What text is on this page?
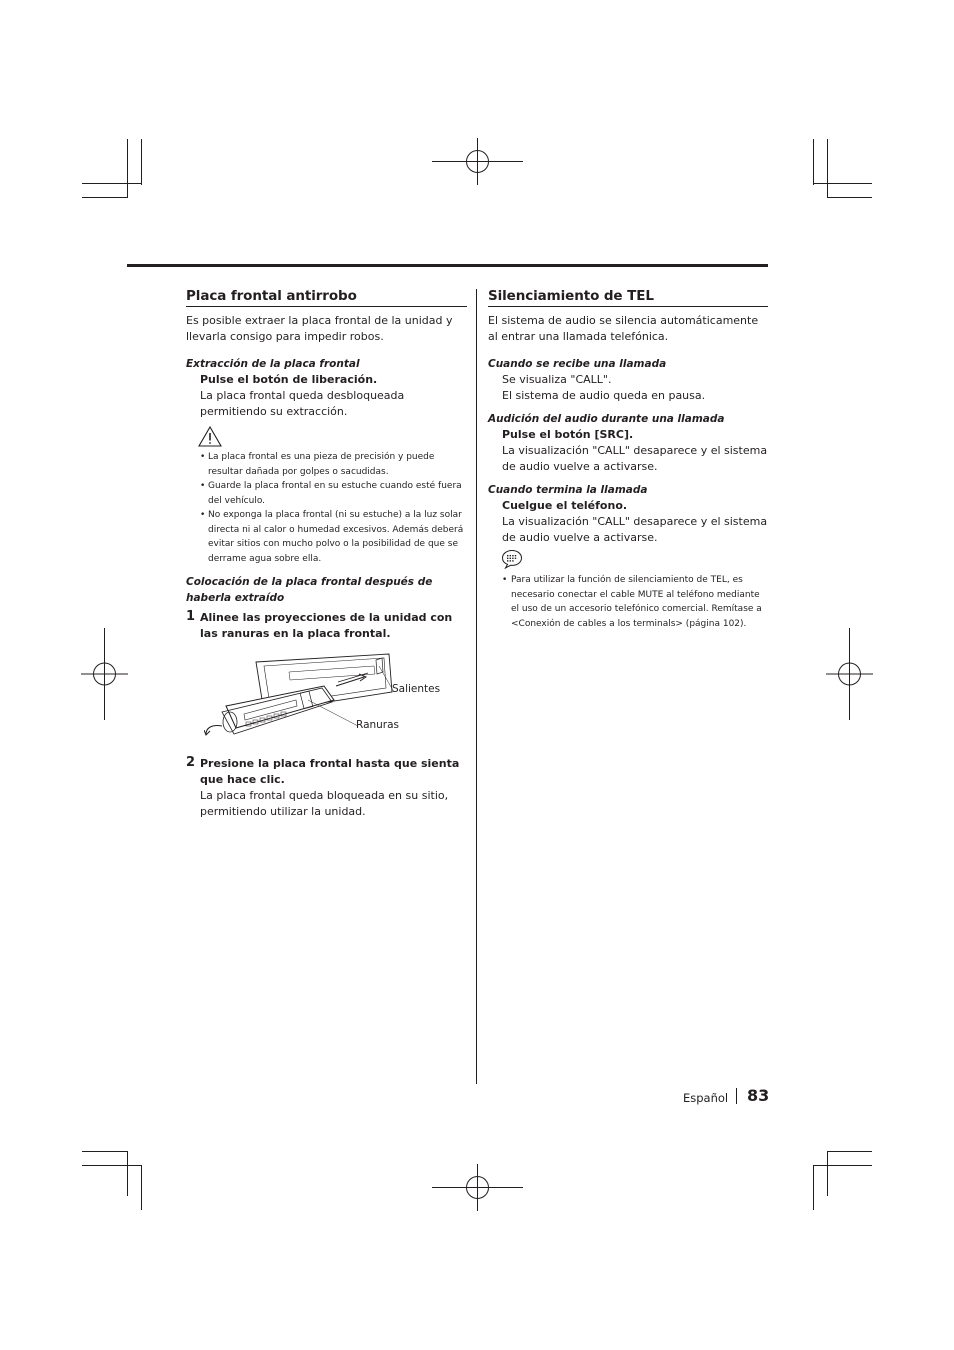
Placa frontal antirrobo

Es posible extraer la placa frontal de la unidad y llevarla consigo para impedir robos.

Extracción de la placa frontal

Pulse el botón de liberación.

La placa frontal queda desbloqueada permitiendo su extracción.

• La placa frontal es una pieza de precisión y puede resultar dañada por golpes o sacudidas.

• Guarde la placa frontal en su estuche cuando esté fuera del vehículo.

• No exponga la placa frontal (ni su estuche) a la luz solar directa ni al calor o humedad excesivos. Además deberá evitar sitios con mucho polvo o la posibilidad de que se derrame agua sobre ella.

Colocación de la placa frontal después de haberla extraído
1 Alinee las proyecciones de la unidad con las ranuras en la placa frontal.
Salientes
Ranuras
2 Presione la placa frontal hasta que sienta que hace clic.

La placa frontal queda bloqueada en su sitio, permitiendo utilizar la unidad.

Silenciamiento de TEL

El sistema de audio se silencia automáticamente al entrar una llamada telefónica.

Cuando se recibe una llamada

Se visualiza "CALL".

El sistema de audio queda en pausa.

Audición del audio durante una llamada

Pulse el botón [SRC].

La visualización "CALL" desaparece y el sistema de audio vuelve a activarse.

Cuando termina la llamada

Cuelgue el teléfono.

La visualización "CALL" desaparece y el sistema de audio vuelve a activarse.

• Para utilizar la función de silenciamiento de TEL, es necesario conectar el cable MUTE al teléfono mediante el uso de un accesorio telefónico comercial. Remítase a <Conexión de cables a los terminals> (página 102).

Español 83
